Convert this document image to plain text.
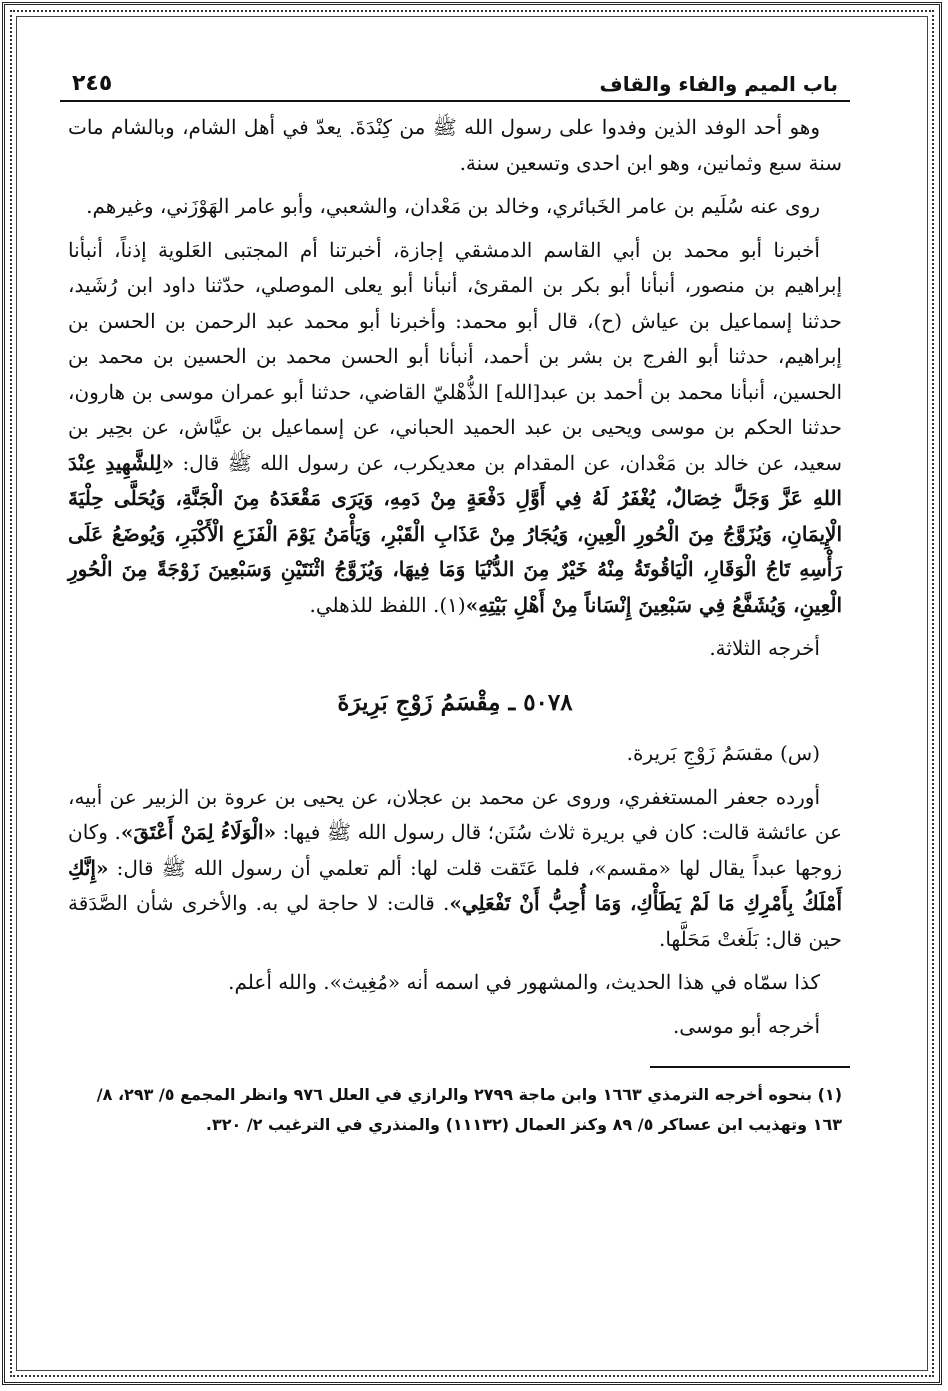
باب الميم والفاء والقاف
٢٤٥

وهو أحد الوفد الذين وفدوا على رسول الله ﷺ من كِنْدَةَ. يعدّ في أهل الشام، وبالشام مات سنة سبع وثمانين، وهو ابن احدى وتسعين سنة.

روى عنه سُلَيم بن عامر الخَبائري، وخالد بن مَعْدان، والشعبي، وأبو عامر الهَوْزَني، وغيرهم.

أخبرنا أبو محمد بن أبي القاسم الدمشقي إجازة، أخبرتنا أم المجتبى العَلوية إذناً، أنبأنا إبراهيم بن منصور، أنبأنا أبو بكر بن المقرئ، أنبأنا أبو يعلى الموصلي، حدّثنا داود ابن رُشَيد، حدثنا إسماعيل بن عياش (ح)، قال أبو محمد: وأخبرنا أبو محمد عبد الرحمن بن الحسن بن إبراهيم، حدثنا أبو الفرج بن بشر بن أحمد، أنبأنا أبو الحسن محمد بن الحسين بن محمد بن الحسين، أنبأنا محمد بن أحمد بن عبد[الله] الذُّهْليّ القاضي، حدثنا أبو عمران موسى بن هارون، حدثنا الحكم بن موسى ويحيى بن عبد الحميد الحباني، عن إسماعيل بن عيَّاش، عن بحِير بن سعيد، عن خالد بن مَعْدان، عن المقدام بن معديكرب، عن رسول الله ﷺ قال: «لِلشَّهِيدِ عِنْدَ اللهِ عَزَّ وَجَلَّ خِصَالٌ، يُغْفَرُ لَهُ فِي أَوَّلِ دَفْعَةٍ مِنْ دَمِهِ، وَيَرَى مَقْعَدَهُ مِنَ الْجَنَّةِ، وَيُحَلَّى حِلْيَةَ الْإِيمَانِ، وَيُزَوَّجُ مِنَ الْحُورِ الْعِينِ، وَيُجَارُ مِنْ عَذَابِ الْقَبْرِ، وَيَأْمَنُ يَوْمَ الْفَزَعِ الْأَكْبَرِ، وَيُوضَعُ عَلَى رَأْسِهِ تَاجُ الْوَقَارِ، الْيَاقُوتَةُ مِنْهُ خَيْرٌ مِنَ الدُّنْيَا وَمَا فِيهَا، وَيُزَوَّجُ اثْنَتَيْنِ وَسَبْعِينَ زَوْجَةً مِنَ الْحُورِ الْعِينِ، وَيُشَفَّعُ فِي سَبْعِينَ إِنْسَاناً مِنْ أَهْلِ بَيْتِهِ»(١). اللفظ للذهلي.

أخرجه الثلاثة.

٥٠٧٨ ـ مِقْسَمُ زَوْجِ بَرِيرَةَ

(س) مقسَمُ زَوْجِ بَريرة.

أورده جعفر المستغفري، وروى عن محمد بن عجلان، عن يحيى بن عروة بن الزبير عن أبيه، عن عائشة قالت: كان في بريرة ثلاث سُنَن؛ قال رسول الله ﷺ فيها: «الْوَلَاءُ لِمَنْ أَعْتَقَ». وكان زوجها عبداً يقال لها «مقسم»، فلما عَتَقت قلت لها: ألم تعلمي أن رسول الله ﷺ قال: «إِنَّكِ أَمْلَكُ بِأَمْرِكِ مَا لَمْ يَطَأْكِ، وَمَا أُحِبُّ أَنْ تَفْعَلِي». قالت: لا حاجة لي به. والأخرى شأن الصَّدَقة حين قال: بَلَغتْ مَحَلَّها.

كذا سمّاه في هذا الحديث، والمشهور في اسمه أنه «مُغِيث». والله أعلم.

أخرجه أبو موسى.

(١) بنحوه أخرجه الترمذي ١٦٦٣ وابن ماجة ٢٧٩٩ والرازي في العلل ٩٧٦ وانظر المجمع ٥/ ٢٩٣، ٨/ ١٦٣ وتهذيب ابن عساكر ٥/ ٨٩ وكنز العمال (١١١٣٢) والمنذري في الترغيب ٢/ ٣٢٠.
